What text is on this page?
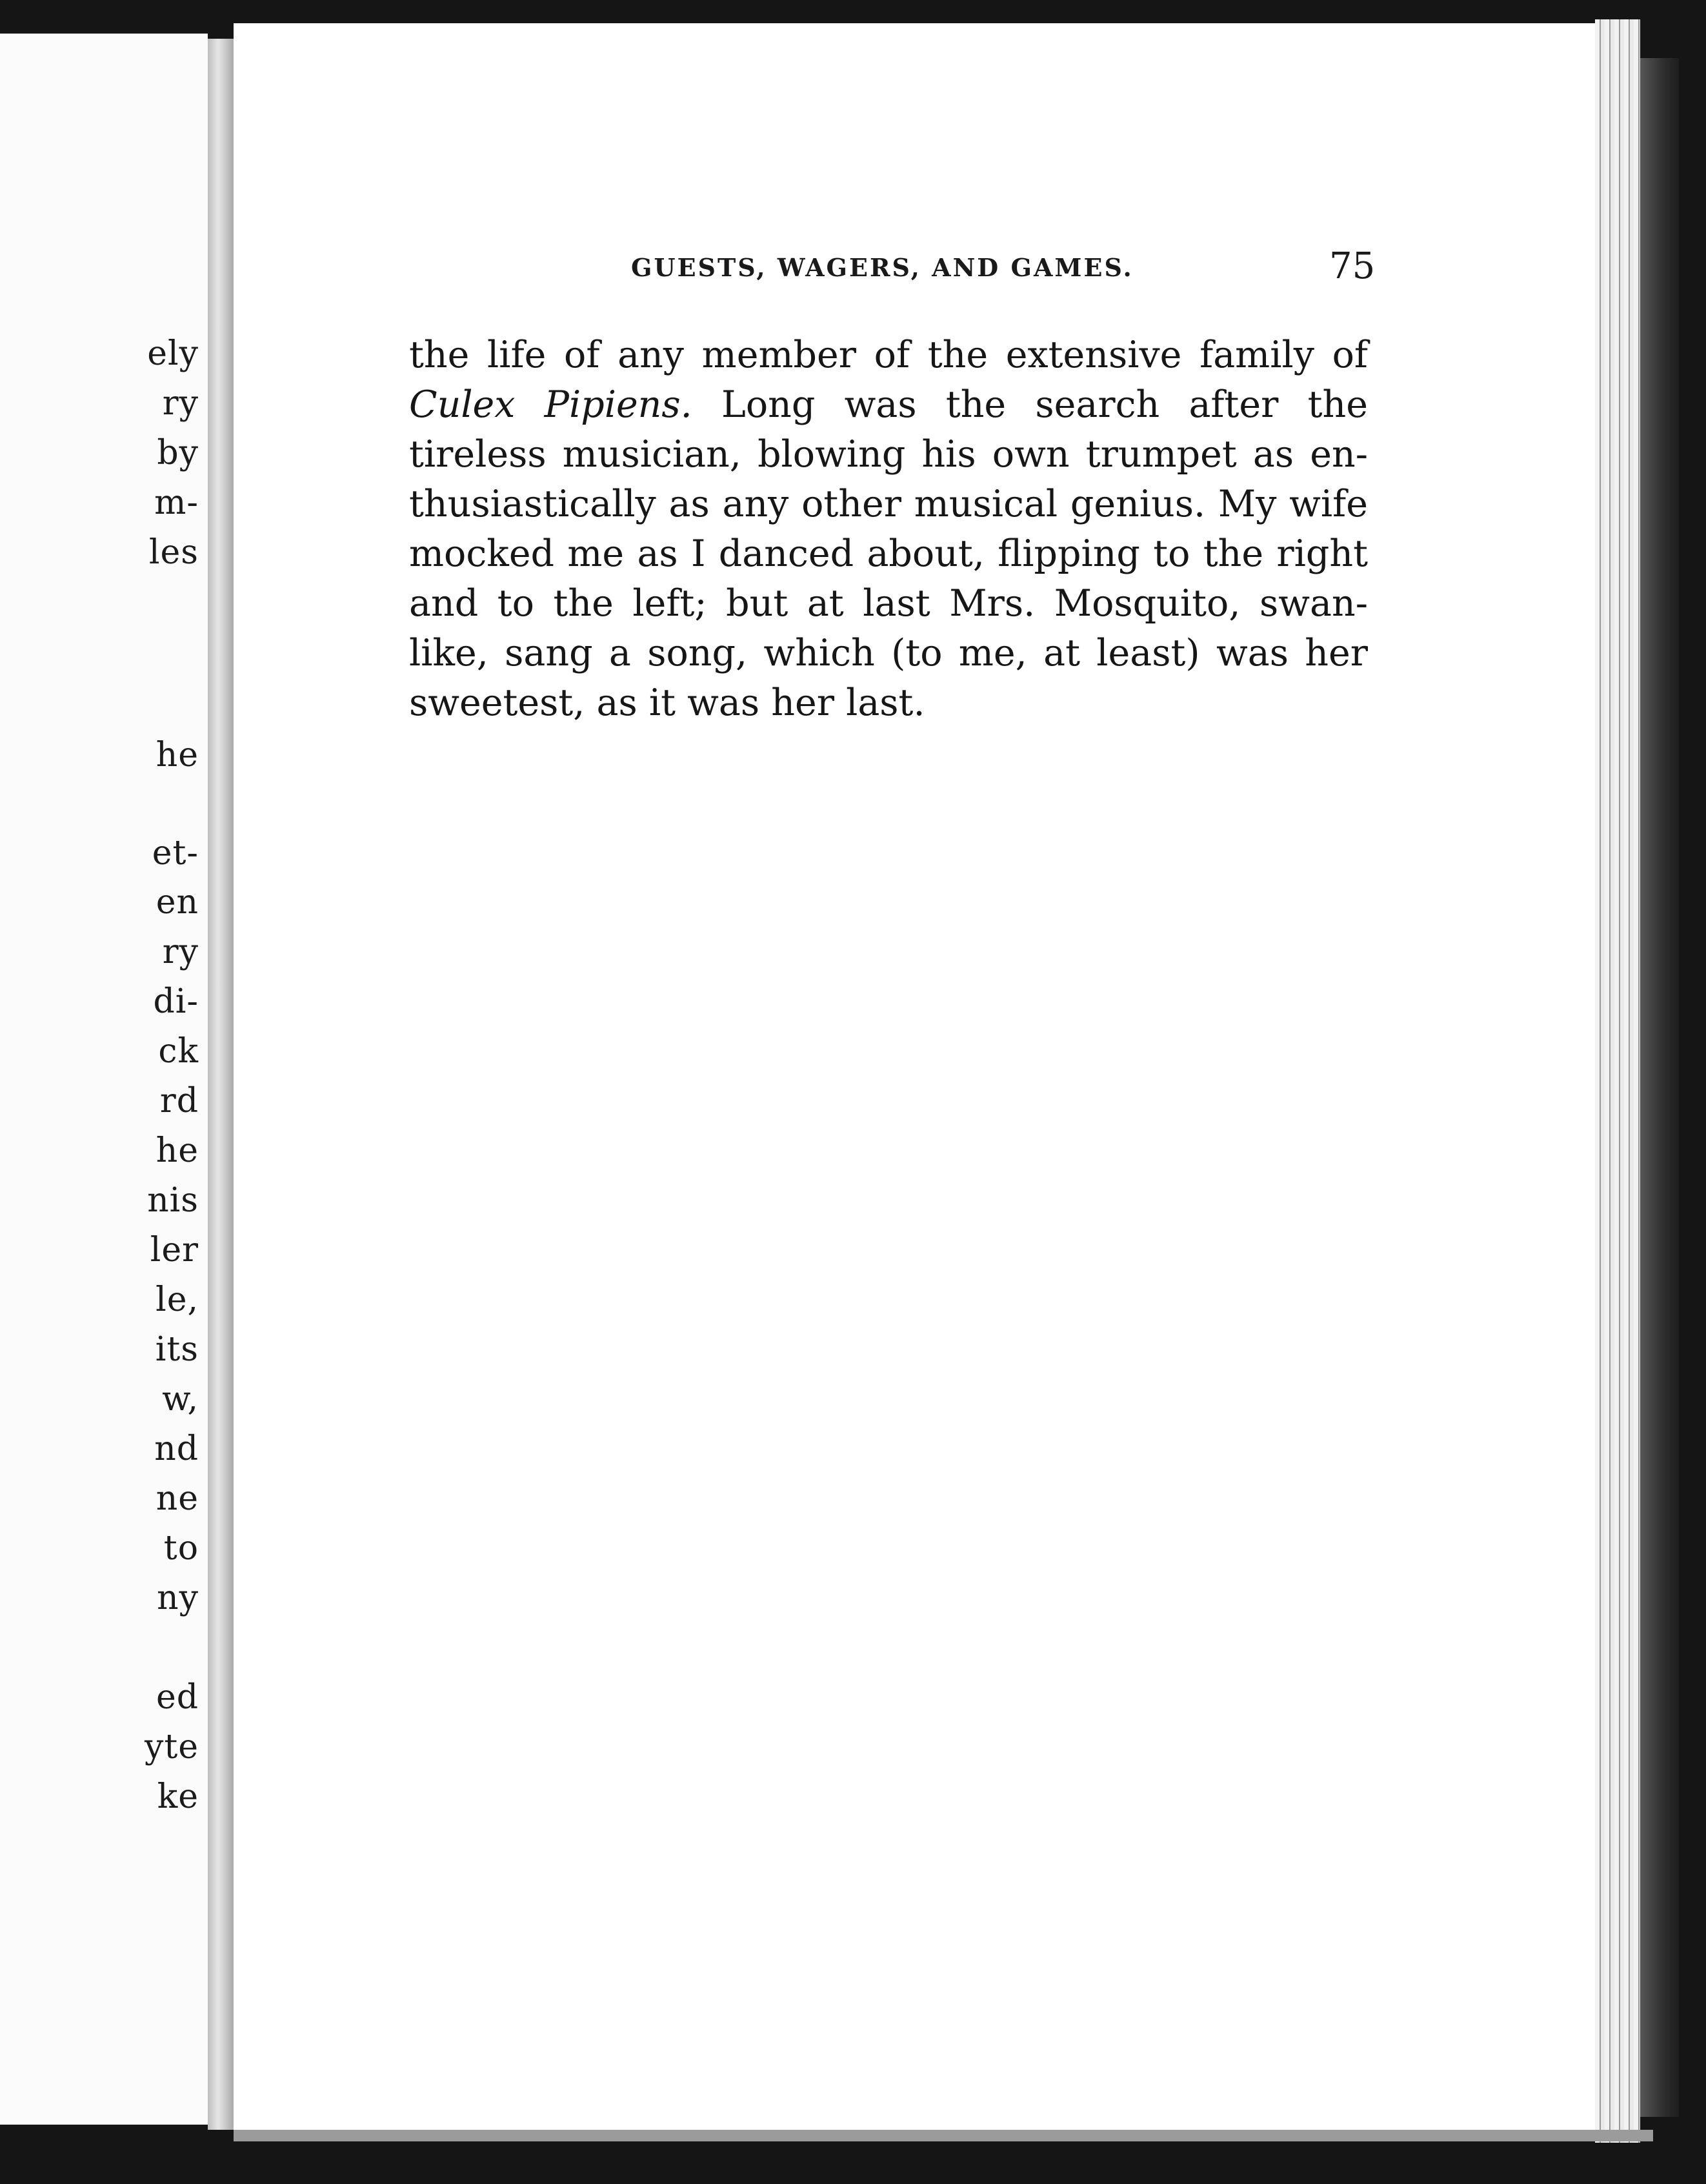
ely
ry
by
m-
les
he
et-
en
ry
di-
ck
rd
he
nis
ler
le,
its
w,
nd
ne
to
ny
ed
yte
ke
GUESTS, WAGERS, AND GAMES.	75
the life of any member of the extensive family of
Culex Pipiens. Long was the search after the
tireless musician, blowing his own trumpet as en-
thusiastically as any other musical genius. My wife
mocked me as I danced about, flipping to the right
and to the left; but at last Mrs. Mosquito, swan-
like, sang a song, which (to me, at least) was her
sweetest, as it was her last.
